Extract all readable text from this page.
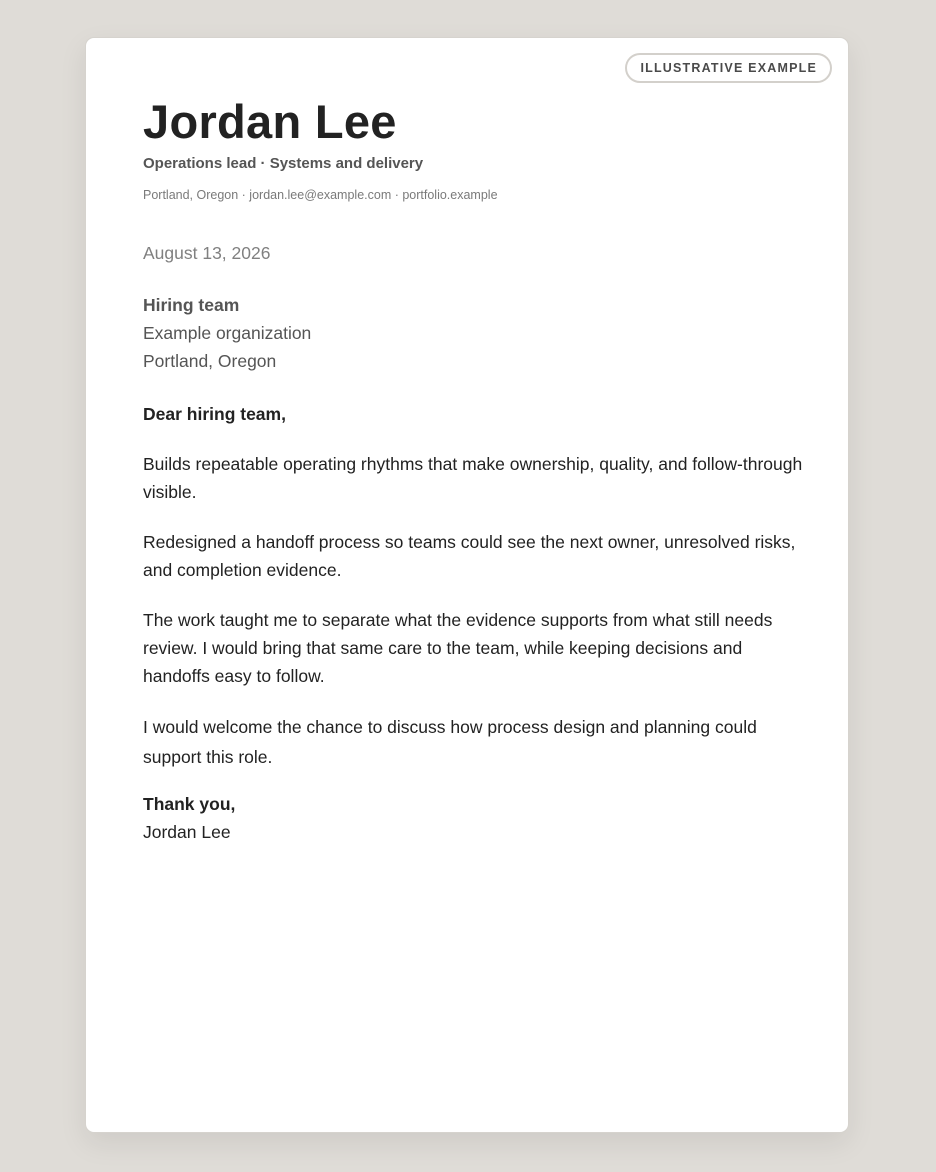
ILLUSTRATIVE EXAMPLE
Jordan Lee
Operations lead · Systems and delivery
Portland, Oregon · jordan.lee@example.com · portfolio.example
August 13, 2026
Hiring team
Example organization
Portland, Oregon

Dear hiring team,

Builds repeatable operating rhythms that make ownership, quality, and follow-through visible.

Redesigned a handoff process so teams could see the next owner, unresolved risks, and completion evidence.

The work taught me to separate what the evidence supports from what still needs review. I would bring that same care to the team, while keeping decisions and handoffs easy to follow.

I would welcome the chance to discuss how process design and planning could support this role.

Thank you,
Jordan Lee
